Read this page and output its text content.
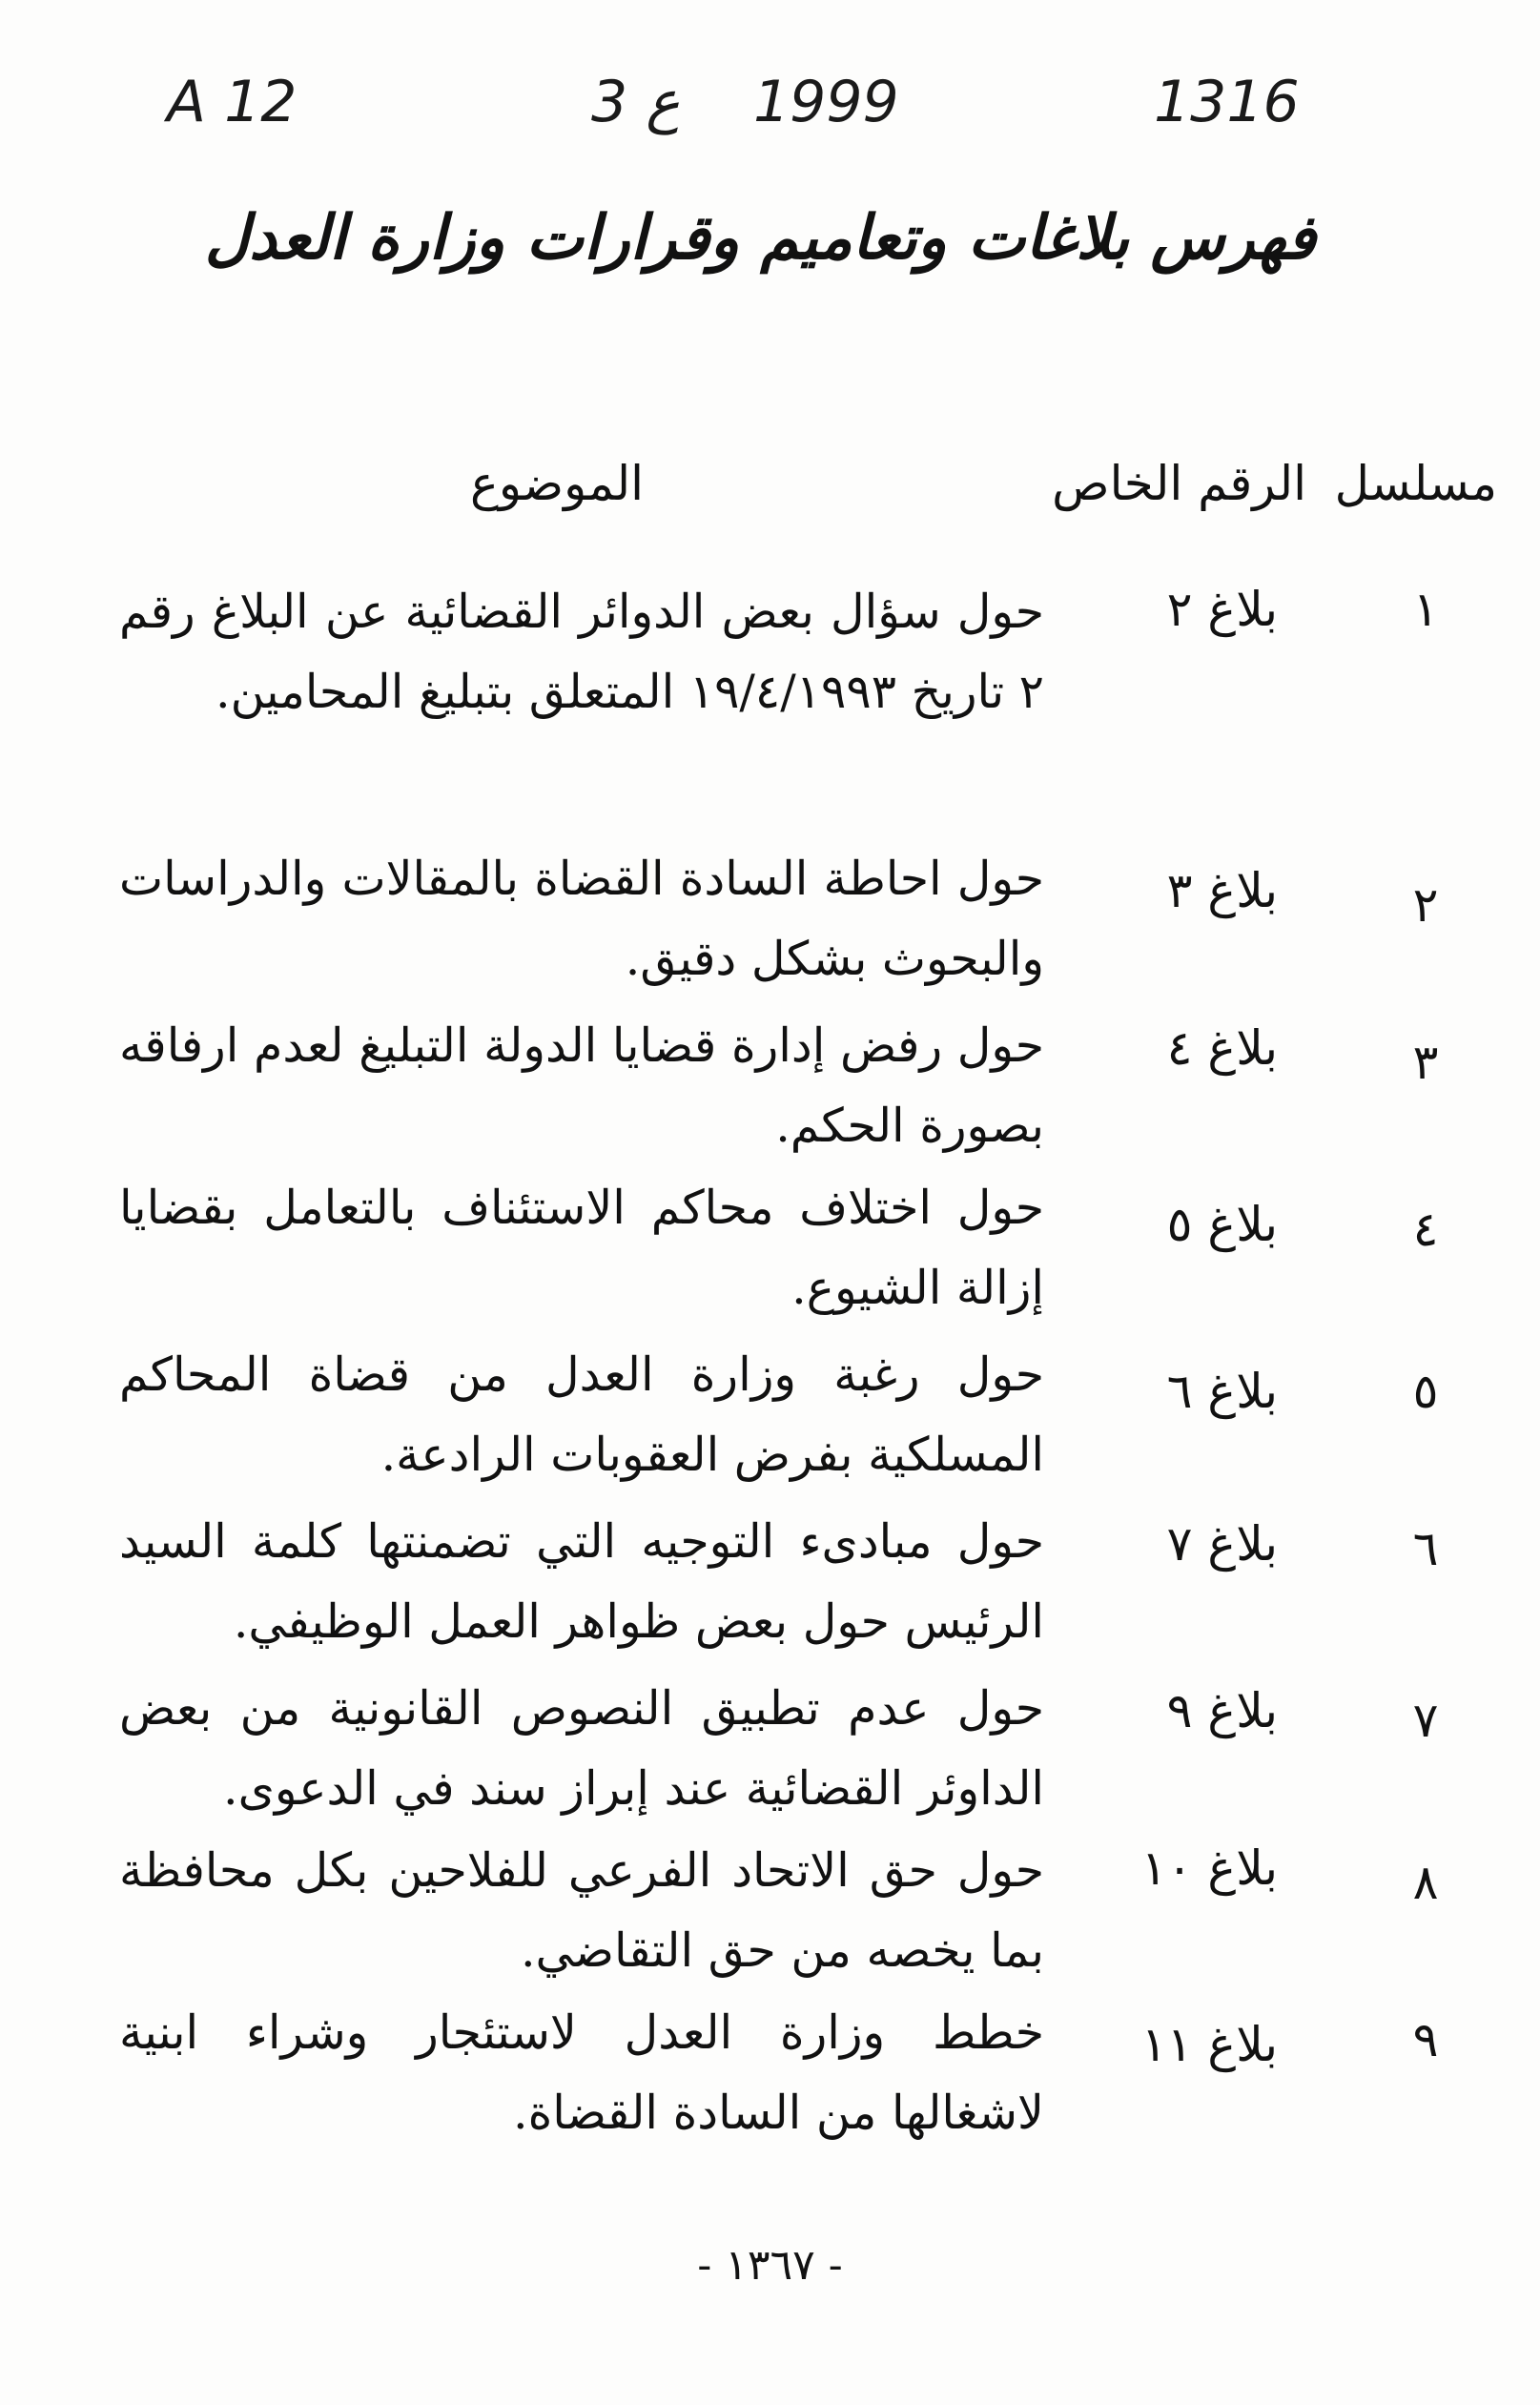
A 12	3 ع 1999	1316
فهرس بلاغات وتعاميم وقرارات وزارة العدل
مسلسل
الرقم الخاص
الموضوع
١
بلاغ ٢
حول سؤال بعض الدوائر القضائية عن البلاغ رقم ٢ تاريخ ١٩/٤/١٩٩٣ المتعلق بتبليغ المحامين.
٢
بلاغ ٣
حول احاطة السادة القضاة بالمقالات والدراسات والبحوث بشكل دقيق.
٣
بلاغ ٤
حول رفض إدارة قضايا الدولة التبليغ لعدم ارفاقه بصورة الحكم.
٤
بلاغ ٥
حول اختلاف محاكم الاستئناف بالتعامل بقضايا إزالة الشيوع.
٥
بلاغ ٦
حول رغبة وزارة العدل من قضاة المحاكم المسلكية بفرض العقوبات الرادعة.
٦
بلاغ ٧
حول مبادىء التوجيه التي تضمنتها كلمة السيد الرئيس حول بعض ظواهر العمل الوظيفي.
٧
بلاغ ٩
حول عدم تطبيق النصوص القانونية من بعض الداوئر القضائية عند إبراز سند في الدعوى.
٨
بلاغ ١٠
حول حق الاتحاد الفرعي للفلاحين بكل محافظة بما يخصه من حق التقاضي.
٩
بلاغ ١١
خطط وزارة العدل لاستئجار وشراء ابنية لاشغالها من السادة القضاة.
- ١٣٦٧ -
